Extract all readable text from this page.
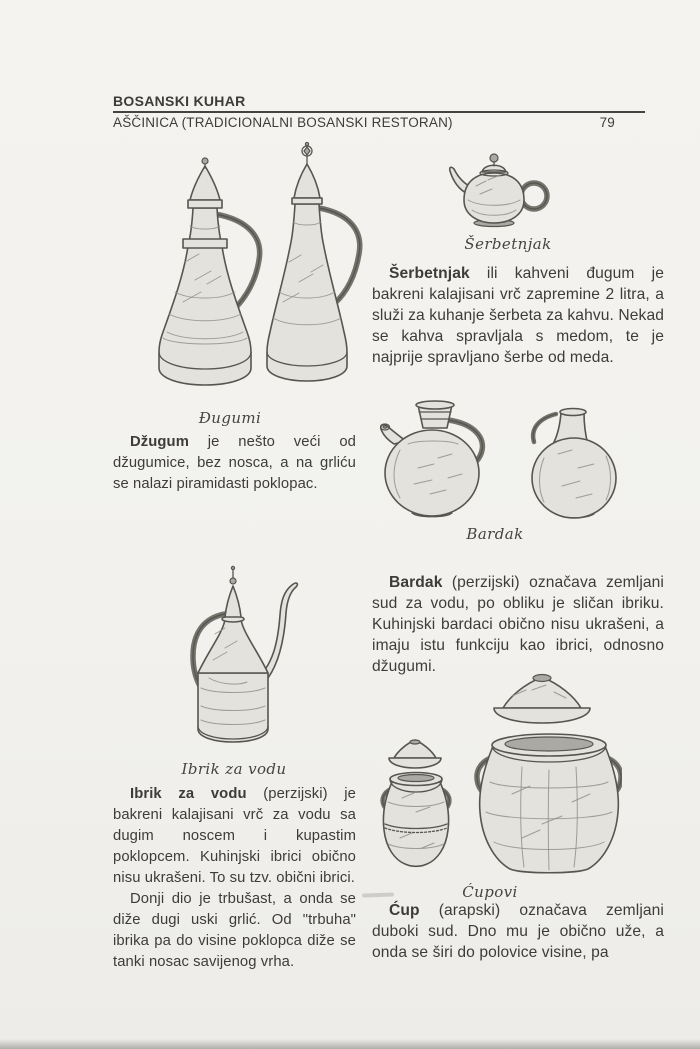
BOSANSKI KUHAR
AŠČINICA (TRADICIONALNI BOSANSKI RESTORAN)	79
Đugumi

Džugum je nešto veći od džugumice, bez nosca, a na grliću se nalazi piramidasti poklopac.

Šerbetnjak

Šerbetnjak ili kahveni đugum je bakreni kalajisani vrč zapremine 2 litra, a služi za kuhanje šerbeta za kahvu. Nekad se kahva spravljala s medom, te je najprije spravljano šerbe od meda.

Bardak

Bardak (perzijski) označava zemljani sud za vodu, po obliku je sličan ibriku. Kuhinjski bardaci obično nisu ukrašeni, a imaju istu funkciju kao ibrici, odnosno džugumi.

Ibrik za vodu

Ibrik za vodu (perzijski) je bakreni kalajisani vrč za vodu sa dugim noscem i kupastim poklopcem. Kuhinjski ibrici obično nisu ukrašeni. To su tzv. obični ibrici.

Donji dio je trbušast, a onda se diže dugi uski grlić. Od "trbuha" ibrika pa do visine poklopca diže se tanki nosac savijenog vrha.

Ćupovi

Ćup (arapski) označava zemljani duboki sud. Dno mu je obično uže, a onda se širi do polovice visine, pa
